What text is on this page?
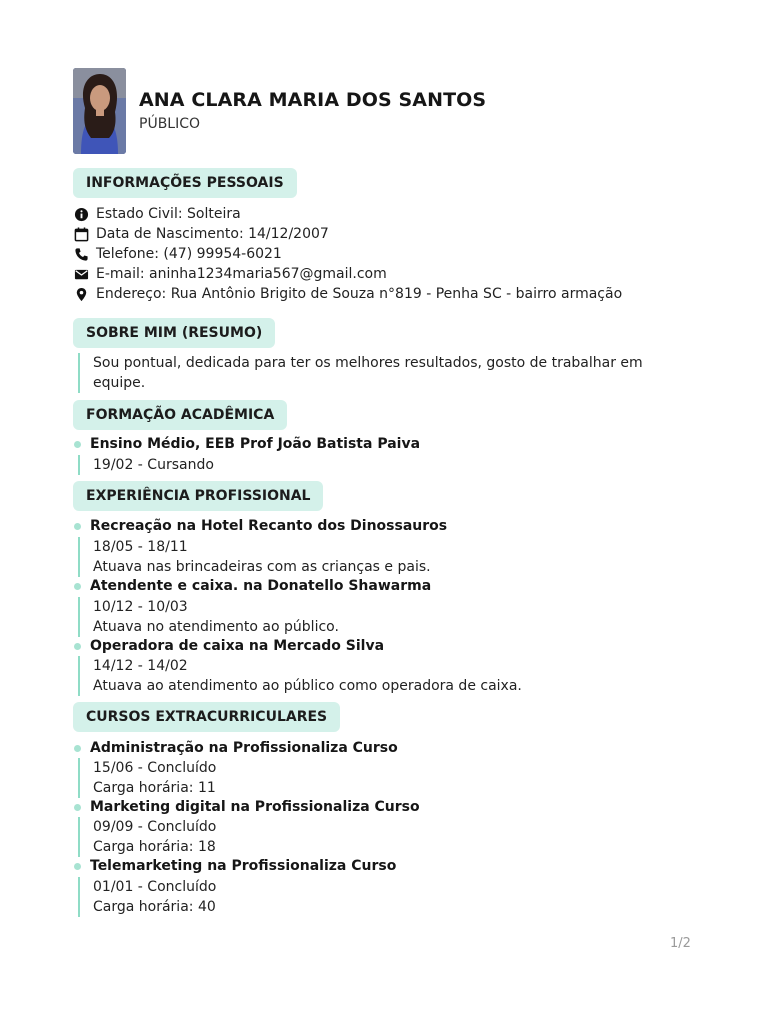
ANA CLARA MARIA DOS SANTOS
PÚBLICO
INFORMAÇÕES PESSOAIS
Estado Civil: Solteira
Data de Nascimento: 14/12/2007
Telefone: (47) 99954-6021
E-mail: aninha1234maria567@gmail.com
Endereço: Rua Antônio Brigito de Souza n°819 - Penha SC - bairro armação
SOBRE MIM (RESUMO)
Sou pontual, dedicada para ter os melhores resultados, gosto de trabalhar em
equipe.
FORMAÇÃO ACADÊMICA
Ensino Médio, EEB Prof João Batista Paiva
19/02 - Cursando
EXPERIÊNCIA PROFISSIONAL
Recreação na Hotel Recanto dos Dinossauros
18/05 - 18/11
Atuava nas brincadeiras com as crianças e pais.
Atendente e caixa. na Donatello Shawarma
10/12 - 10/03
Atuava no atendimento ao público.
Operadora de caixa na Mercado Silva
14/12 - 14/02
Atuava ao atendimento ao público como operadora de caixa.
CURSOS EXTRACURRICULARES
Administração na Profissionaliza Curso
15/06 - Concluído
Carga horária: 11
Marketing digital na Profissionaliza Curso
09/09 - Concluído
Carga horária: 18
Telemarketing na Profissionaliza Curso
01/01 - Concluído
Carga horária: 40
1/2
